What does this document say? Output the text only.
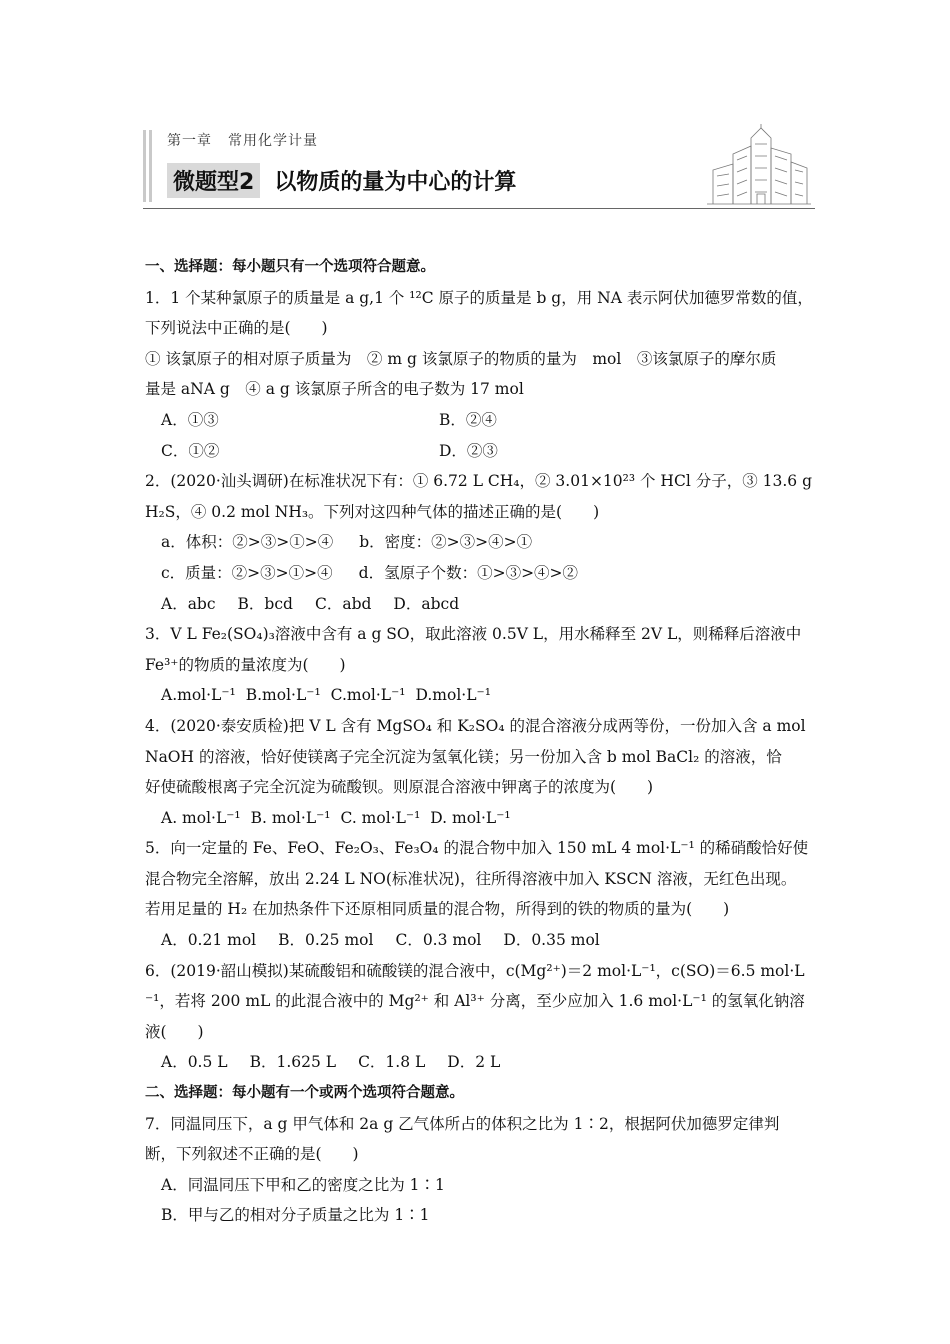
第一章 常用化学计量
微题型2 以物质的量为中心的计算
一、选择题：每小题只有一个选项符合题意。
1．1 个某种氯原子的质量是 a g,1 个 ¹²C 原子的质量是 b g，用 NA 表示阿伏加德罗常数的值，
下列说法中正确的是(　　)
① 该氯原子的相对原子质量为　② m g 该氯原子的物质的量为　mol　③该氯原子的摩尔质
量是 aNA g　④ a g 该氯原子所含的电子数为 17 mol
A．①③	B．②④
C．①②	D．②③
2．(2020·汕头调研)在标准状况下有：① 6.72 L CH₄，② 3.01×10²³ 个 HCl 分子，③ 13.6 g
H₂S，④ 0.2 mol NH₃。下列对这四种气体的描述正确的是(　　)
a．体积：②>③>①>④ b．密度：②>③>④>①
c．质量：②>③>①>④ d．氢原子个数：①>③>④>②
A．abc B．bcd C．abd D．abcd
3．V L Fe₂(SO₄)₃溶液中含有 a g SO，取此溶液 0.5V L，用水稀释至 2V L，则稀释后溶液中
Fe³⁺的物质的量浓度为(　　)
A.mol·L⁻¹ B.mol·L⁻¹ C.mol·L⁻¹ D.mol·L⁻¹
4．(2020·泰安质检)把 V L 含有 MgSO₄ 和 K₂SO₄ 的混合溶液分成两等份，一份加入含 a mol
NaOH 的溶液，恰好使镁离子完全沉淀为氢氧化镁；另一份加入含 b mol BaCl₂ 的溶液，恰
好使硫酸根离子完全沉淀为硫酸钡。则原混合溶液中钾离子的浓度为(　　)
A. mol·L⁻¹ B. mol·L⁻¹ C. mol·L⁻¹ D. mol·L⁻¹
5．向一定量的 Fe、FeO、Fe₂O₃、Fe₃O₄ 的混合物中加入 150 mL 4 mol·L⁻¹ 的稀硝酸恰好使
混合物完全溶解，放出 2.24 L NO(标准状况)，往所得溶液中加入 KSCN 溶液，无红色出现。
若用足量的 H₂ 在加热条件下还原相同质量的混合物，所得到的铁的物质的量为(　　)
A．0.21 mol B．0.25 mol C．0.3 mol D．0.35 mol
6．(2019·韶山模拟)某硫酸铝和硫酸镁的混合液中，c(Mg²⁺)＝2 mol·L⁻¹，c(SO)＝6.5 mol·L
⁻¹，若将 200 mL 的此混合液中的 Mg²⁺ 和 Al³⁺ 分离，至少应加入 1.6 mol·L⁻¹ 的氢氧化钠溶
液(　　)
A．0.5 L B．1.625 L C．1.8 L D．2 L
二、选择题：每小题有一个或两个选项符合题意。
7．同温同压下，a g 甲气体和 2a g 乙气体所占的体积之比为 1∶2，根据阿伏加德罗定律判
断，下列叙述不正确的是(　　)
A．同温同压下甲和乙的密度之比为 1∶1
B．甲与乙的相对分子质量之比为 1∶1
